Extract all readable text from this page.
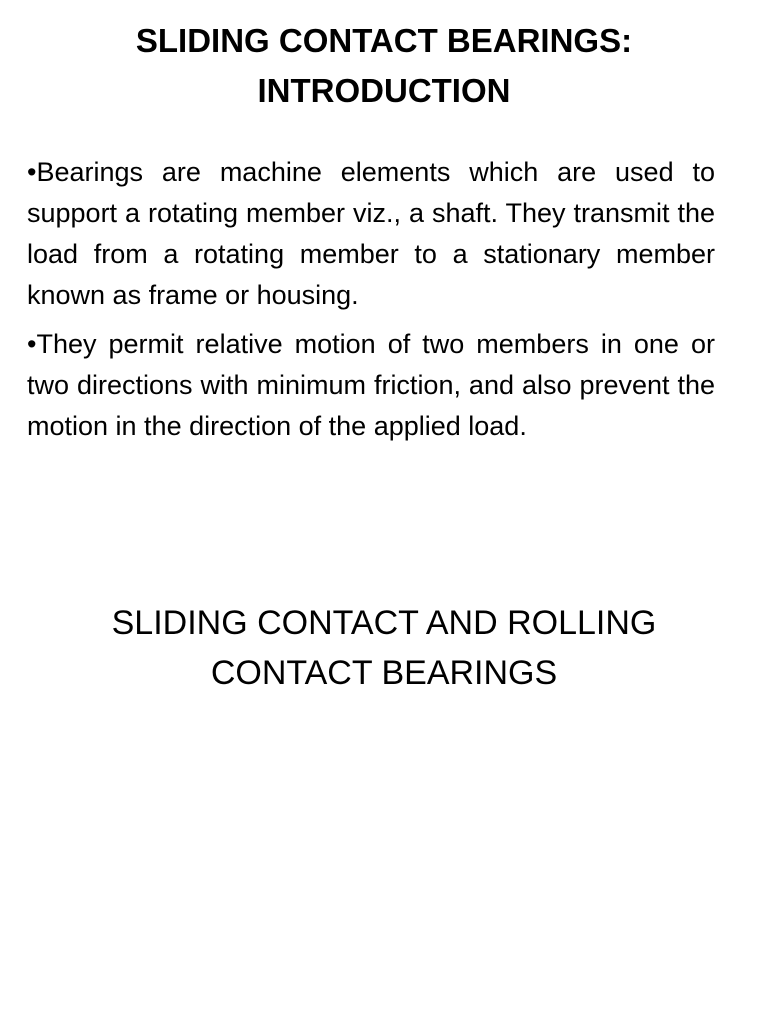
SLIDING CONTACT BEARINGS:
INTRODUCTION
•Bearings are machine elements which are used to support a rotating member viz., a shaft. They transmit the load from a rotating member to a stationary member known as frame or housing.
•They permit relative motion of two members in one or two directions with minimum friction, and also prevent the motion in the direction of the applied load.
SLIDING CONTACT AND ROLLING
CONTACT BEARINGS
